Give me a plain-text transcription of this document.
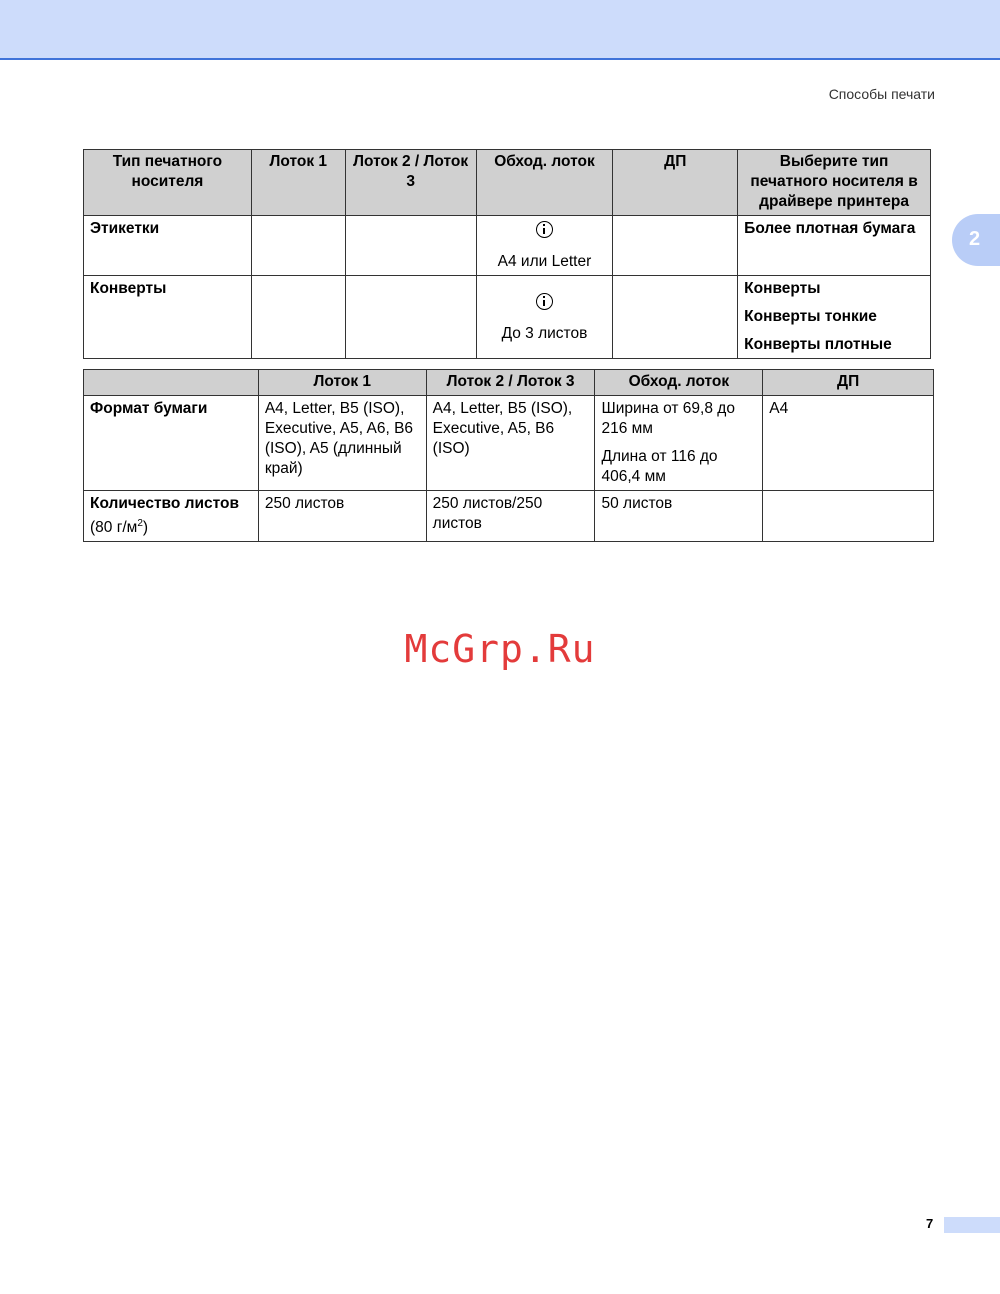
Способы печати
2
Тип печатного носителя	Лоток 1	Лоток 2 / Лоток 3	Обход. лоток	ДП	Выберите тип печатного носителя в драйвере принтера
Этикетки			A4 или Letter		Более плотная бумага

Конверты			До 3 листов		Конверты
Конверты тонкие
Конверты плотные
	Лоток 1	Лоток 2 / Лоток 3	Обход. лоток	ДП
Формат бумаги	A4, Letter, B5 (ISO), Executive, A5, A6, B6 (ISO), A5 (длинный край)	A4, Letter, B5 (ISO), Executive, A5, B6 (ISO)	Ширина от 69,8 до 216 мм
Длина от 116 до 406,4 мм	A4

Количество листов
(80 $г/м^2$)	250 листов	250 листов/250 листов	50 листов	

McGrp.Ru
7
